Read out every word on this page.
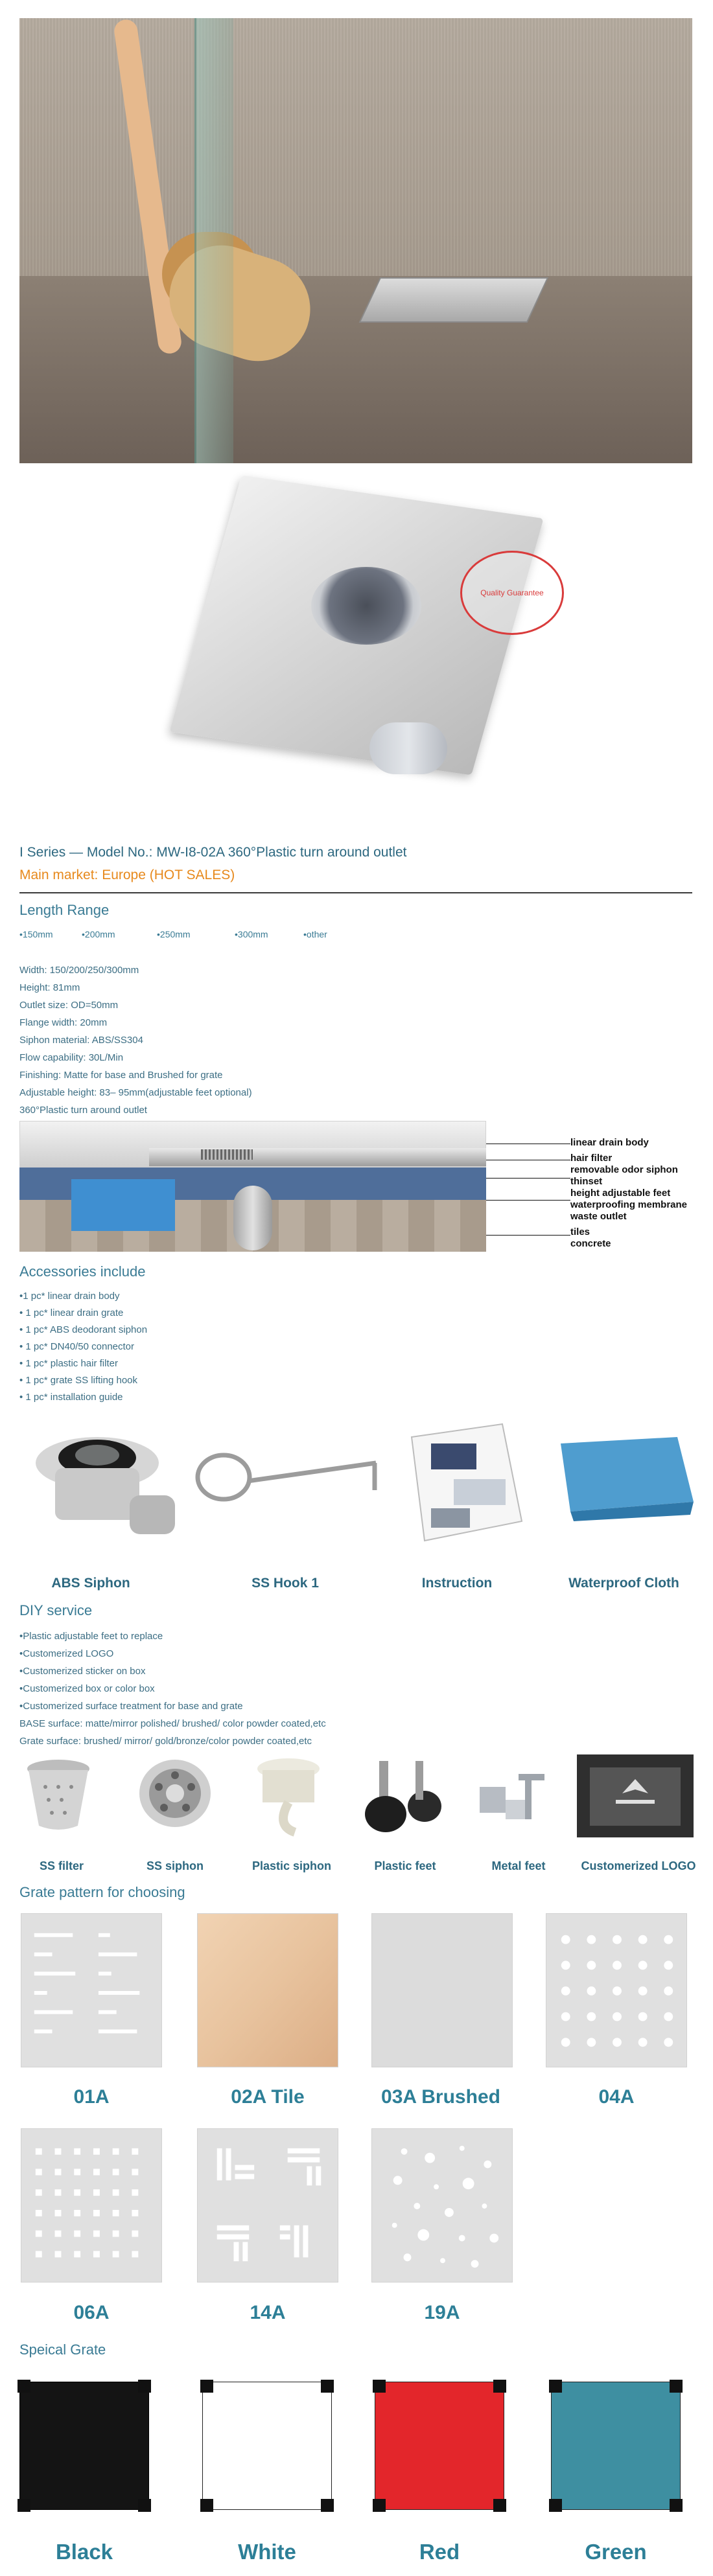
Quality Guarantee
I Series — Model No.: MW-I8-02A 360°Plastic turn around outlet
Main market: Europe (HOT SALES)
Length Range
•150mm	•200mm	•250mm	•300mm	•other
Width: 150/200/250/300mm
Height: 81mm
Outlet size: OD=50mm
Flange width: 20mm
Siphon material: ABS/SS304
Flow capability: 30L/Min
Finishing: Matte for base and Brushed for grate
Adjustable height: 83– 95mm(adjustable feet optional)
360°Plastic turn around outlet
linear drain body
hair filter
removable odor siphon
thinset
height adjustable feet
waterproofing membrane
waste outlet
tiles
concrete
Accessories include
•1 pc* linear drain body
• 1 pc* linear drain grate
• 1 pc* ABS deodorant siphon
• 1 pc* DN40/50 connector
• 1 pc* plastic hair filter
• 1 pc* grate SS lifting hook
• 1 pc* installation guide
ABS Siphon	SS Hook 1	Instruction	Waterproof Cloth
DIY service
•Plastic adjustable feet to replace
•Customerized LOGO
•Customerized sticker on box
•Customerized box or color box
•Customerized surface treatment for base and grate
BASE surface: matte/mirror polished/ brushed/ color powder coated,etc
Grate surface: brushed/ mirror/ gold/bronze/color powder coated,etc
SS filter	SS siphon	Plastic siphon	Plastic feet	Metal feet	Customerized LOGO
Grate pattern for choosing
01A	02A Tile	03A Brushed	04A
06A	14A	19A
Speical Grate
Black	White	Red	Green
